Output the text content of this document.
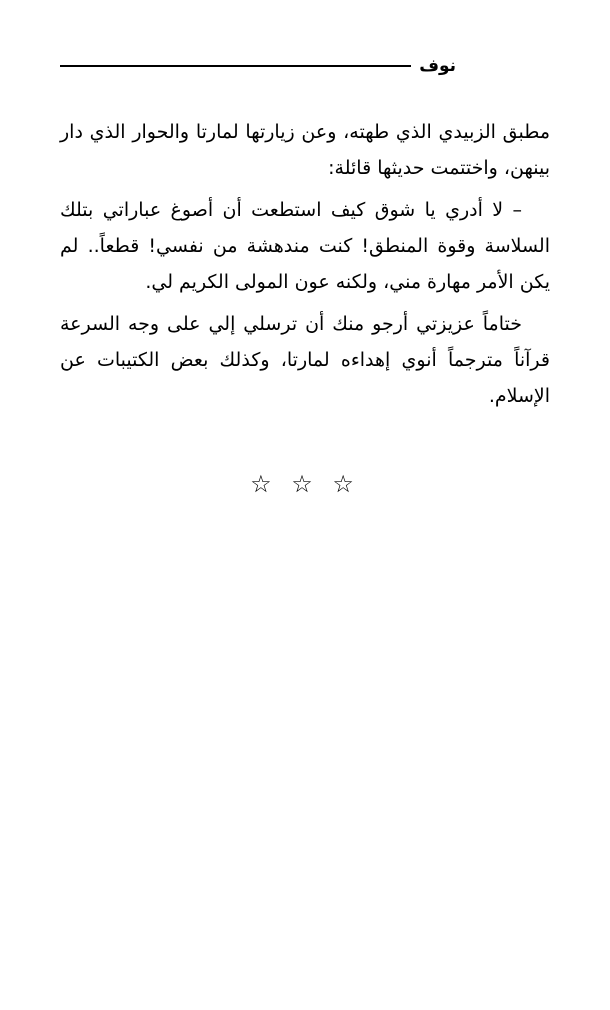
نوف

مطبق الزبيدي الذي طهته، وعن زيارتها لمارتا والحوار الذي دار بينهن، واختتمت حديثها قائلة:

– لا أدري يا شوق كيف استطعت أن أصوغ عباراتي بتلك السلاسة وقوة المنطق! كنت مندهشة من نفسي! قطعاً.. لم يكن الأمر مهارة مني، ولكنه عون المولى الكريم لي.

ختاماً عزيزتي أرجو منك أن ترسلي إلي على وجه السرعة قرآناً مترجماً أنوي إهداءه لمارتا، وكذلك بعض الكتيبات عن الإسلام.

☆ ☆ ☆
